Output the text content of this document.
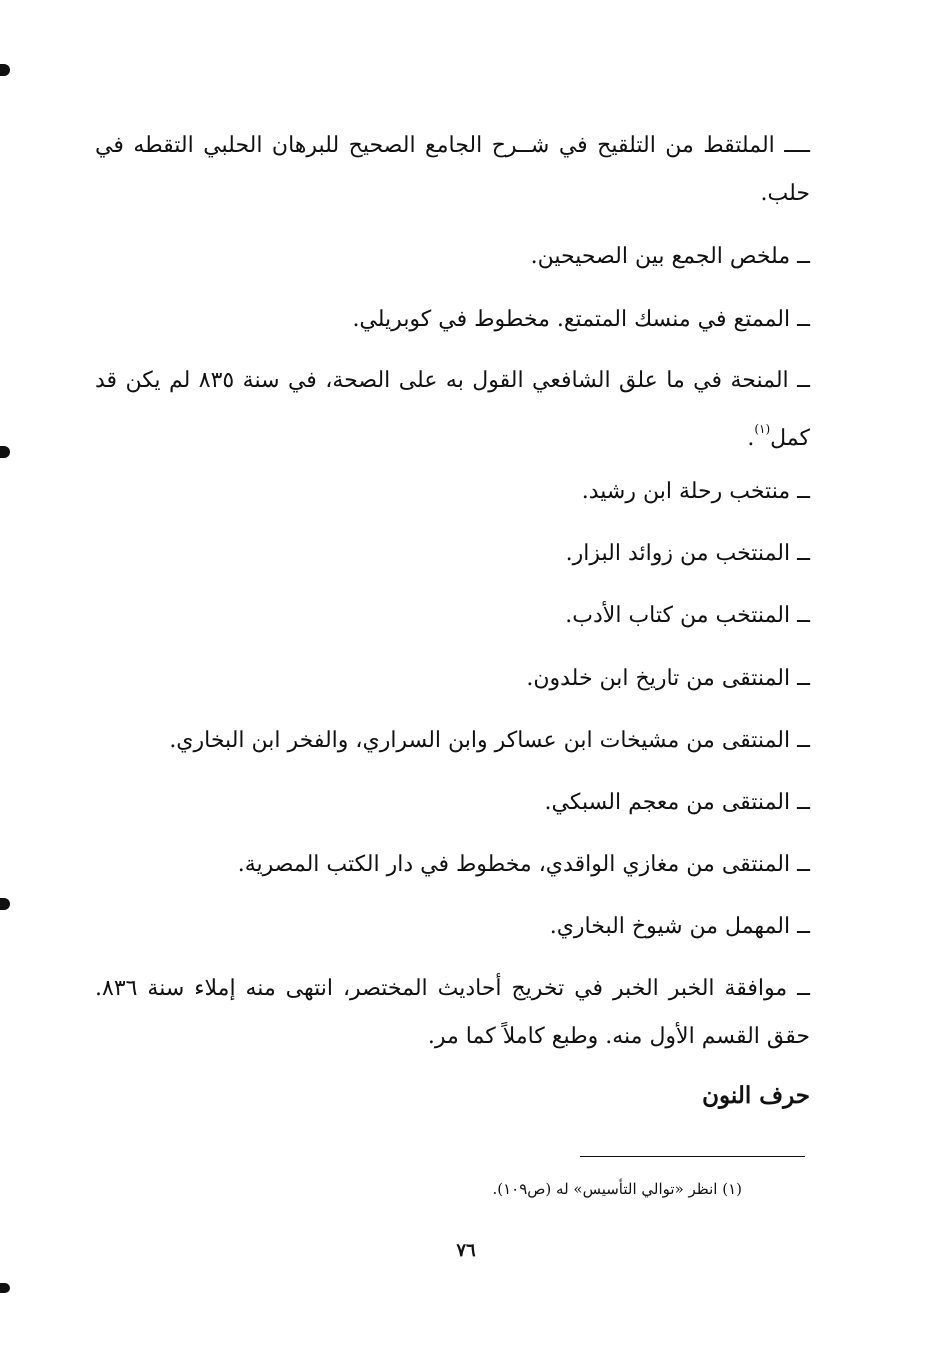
ــــ الملتقط من التلقيح في شــرح الجامع الصحيح للبرهان الحلبي التقطه في حلب.
ــ ملخص الجمع بين الصحيحين.
ــ الممتع في منسك المتمتع. مخطوط في كوبريلي.
ــ المنحة في ما علق الشافعي القول به على الصحة، في سنة ٨٣٥ لم يكن قد كمل$^{(١)}$.
ــ منتخب رحلة ابن رشيد.
ــ المنتخب من زوائد البزار.
ــ المنتخب من كتاب الأدب.
ــ المنتقى من تاريخ ابن خلدون.
ــ المنتقى من مشيخات ابن عساكر وابن السراري، والفخر ابن البخاري.
ــ المنتقى من معجم السبكي.
ــ المنتقى من مغازي الواقدي، مخطوط في دار الكتب المصرية.
ــ المهمل من شيوخ البخاري.
ــ موافقة الخبر الخبر في تخريج أحاديث المختصر، انتهى منه إملاء سنة ٨٣٦. حقق القسم الأول منه. وطبع كاملاً كما مر.
حرف النون
(١) انظر «توالي التأسيس» له (ص١٠٩).
٧٦
